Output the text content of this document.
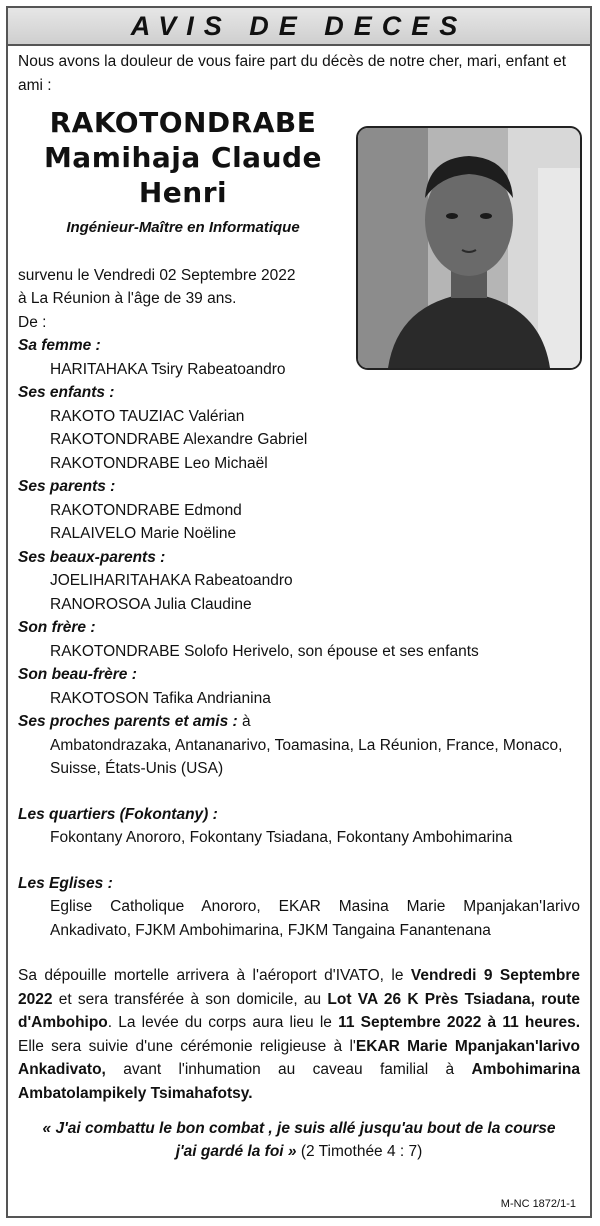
AVIS DE DECES

Nous avons la douleur de vous faire part du décès de notre cher, mari, enfant et ami :

RAKOTONDRABE
Mamihaja Claude
Henri
Ingénieur-Maître en Informatique
survenu le Vendredi 02 Septembre 2022
à La Réunion à l'âge de 39 ans.
De :
Sa femme :
HARITAHAKA Tsiry Rabeatoandro
Ses enfants :
RAKOTO TAUZIAC Valérian
RAKOTONDRABE Alexandre Gabriel
RAKOTONDRABE Leo Michaël
Ses parents :
RAKOTONDRABE Edmond
RALAIVELO Marie Noëline
Ses beaux-parents :
JOELIHARITAHAKA Rabeatoandro
RANOROSOA Julia Claudine
Son frère :
RAKOTONDRABE Solofo Herivelo, son épouse et ses enfants
Son beau-frère :
RAKOTOSON Tafika Andrianina
Ses proches parents et amis : à
Ambatondrazaka, Antananarivo, Toamasina, La Réunion, France, Monaco, Suisse, États-Unis (USA)
Les quartiers (Fokontany) :
Fokontany Anororo, Fokontany Tsiadana, Fokontany Ambohimarina
Les Eglises :
Eglise Catholique Anororo, EKAR Masina Marie Mpanjakan'Iarivo Ankadivato, FJKM Ambohimarina, FJKM Tangaina Fanantenana
Sa dépouille mortelle arrivera à l'aéroport d'IVATO, le Vendredi 9 Septembre 2022 et sera transférée à son domicile, au Lot VA 26 K Près Tsiadana, route d'Ambohipo. La levée du corps aura lieu le 11 Septembre 2022 à 11 heures. Elle sera suivie d'une cérémonie religieuse à l'EKAR Marie Mpanjakan'Iarivo Ankadivato, avant l'inhumation au caveau familial à Ambohimarina Ambatolampikely Tsimahafotsy.
« J'ai combattu le bon combat , je suis allé jusqu'au bout de la course
j'ai gardé la foi » (2 Timothée 4 : 7)
M-NC 1872/1-1
